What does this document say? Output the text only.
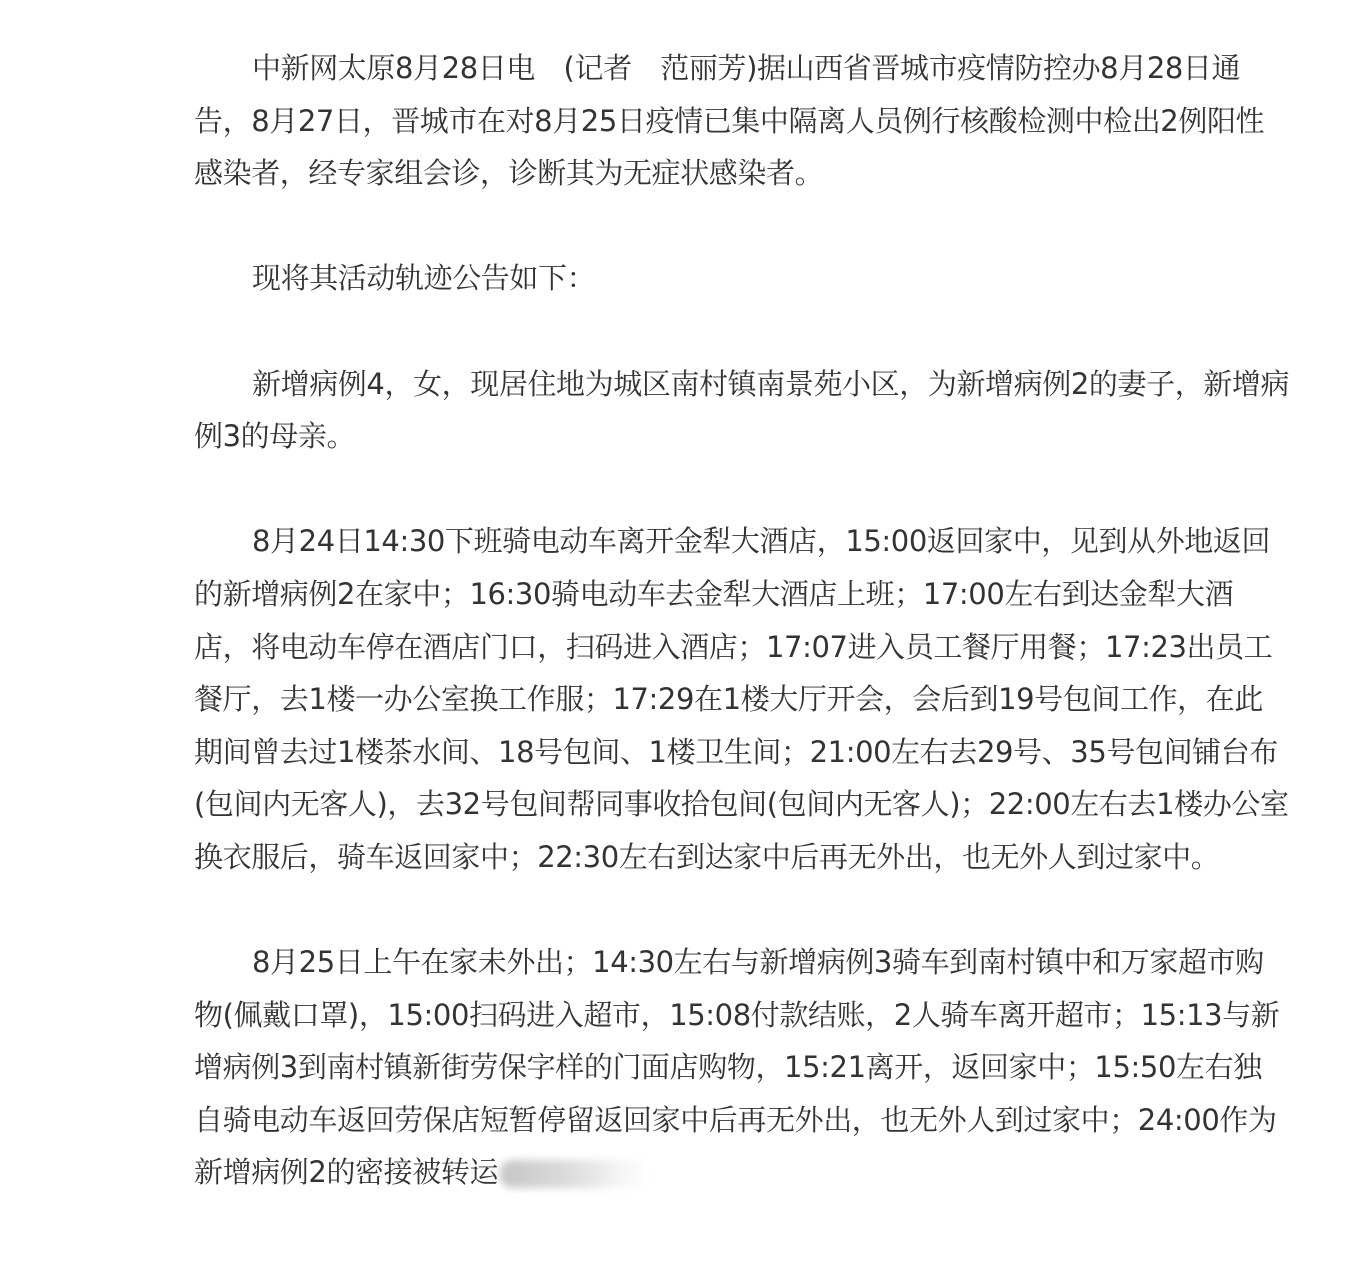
中新网太原8月28日电　(记者　范丽芳)据山西省晋城市疫情防控办8月28日通告，8月27日，晋城市在对8月25日疫情已集中隔离人员例行核酸检测中检出2例阳性感染者，经专家组会诊，诊断其为无症状感染者。

现将其活动轨迹公告如下：

新增病例4，女，现居住地为城区南村镇南景苑小区，为新增病例2的妻子，新增病例3的母亲。

8月24日14:30下班骑电动车离开金犁大酒店，15:00返回家中，见到从外地返回的新增病例2在家中；16:30骑电动车去金犁大酒店上班；17:00左右到达金犁大酒店，将电动车停在酒店门口，扫码进入酒店；17:07进入员工餐厅用餐；17:23出员工餐厅，去1楼一办公室换工作服；17:29在1楼大厅开会，会后到19号包间工作，在此期间曾去过1楼茶水间、18号包间、1楼卫生间；21:00左右去29号、35号包间铺台布(包间内无客人)，去32号包间帮同事收拾包间(包间内无客人)；22:00左右去1楼办公室换衣服后，骑车返回家中；22:30左右到达家中后再无外出，也无外人到过家中。

8月25日上午在家未外出；14:30左右与新增病例3骑车到南村镇中和万家超市购物(佩戴口罩)，15:00扫码进入超市，15:08付款结账，2人骑车离开超市；15:13与新增病例3到南村镇新街劳保字样的门面店购物，15:21离开，返回家中；15:50左右独自骑电动车返回劳保店短暂停留返回家中后再无外出，也无外人到过家中；24:00作为新增病例2的密接被转运
